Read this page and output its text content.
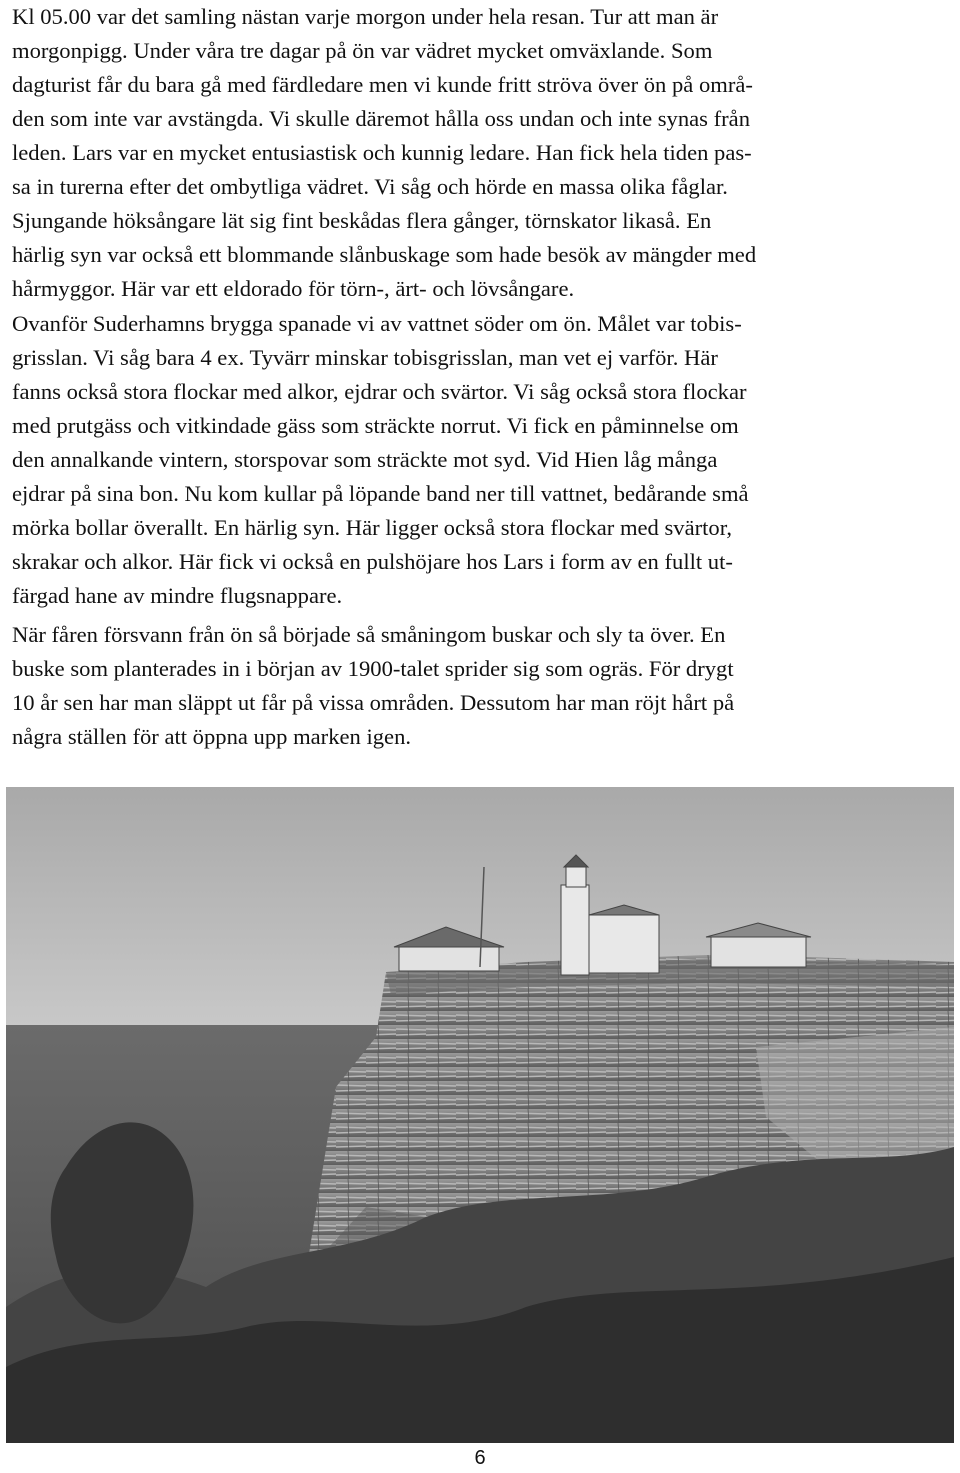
Kl 05.00 var det samling nästan varje morgon under hela resan. Tur att man är
morgonpigg. Under våra tre dagar på ön var vädret mycket omväxlande. Som
dagturist får du bara gå med färdledare men vi kunde fritt ströva över ön på områ-
den som inte var avstängda. Vi skulle däremot hålla oss undan och inte synas från
leden. Lars var en mycket entusiastisk och kunnig ledare. Han fick hela tiden pas-
sa in turerna efter det ombytliga vädret. Vi såg och hörde en massa olika fåglar.
Sjungande höksångare lät sig fint beskådas flera gånger, törnskator likaså. En
härlig syn var också ett blommande slånbuskage som hade besök av mängder med
hårmyggor. Här var ett eldorado för törn-, ärt- och lövsångare.

Ovanför Suderhamns brygga spanade vi av vattnet söder om ön. Målet var tobis-
grisslan. Vi såg bara 4 ex. Tyvärr minskar tobisgrisslan, man vet ej varför. Här
fanns också stora flockar med alkor, ejdrar och svärtor. Vi såg också stora flockar
med prutgäss och vitkindade gäss som sträckte norrut. Vi fick en påminnelse om
den annalkande vintern, storspovar som sträckte mot syd. Vid Hien låg många
ejdrar på sina bon. Nu kom kullar på löpande band ner till vattnet, bedårande små
mörka bollar överallt. En härlig syn. Här ligger också stora flockar med svärtor,
skrakar och alkor. Här fick vi också en pulshöjare hos Lars i form av en fullt ut-
färgad hane av mindre flugsnappare.

När fåren försvann från ön så började så småningom buskar och sly ta över. En
buske som planterades in i början av 1900-talet sprider sig som ogräs. För drygt
10 år sen har man släppt ut får på vissa områden. Dessutom har man röjt hårt på
några ställen för att öppna upp marken igen.

6
